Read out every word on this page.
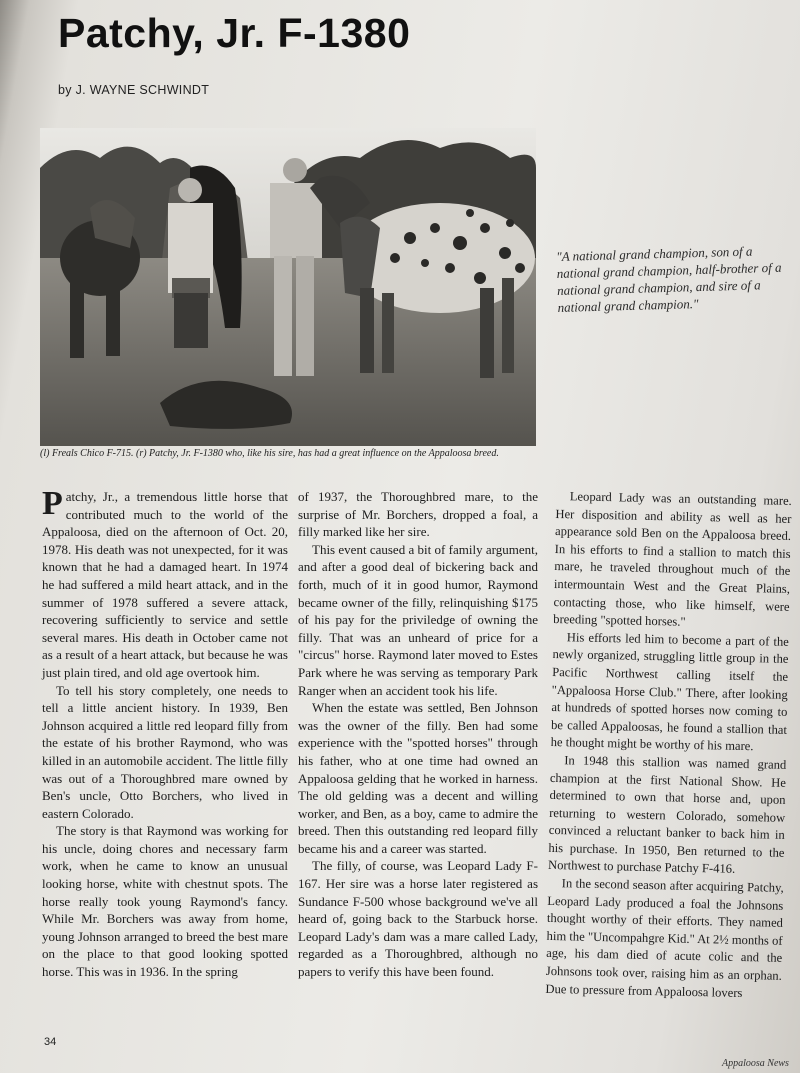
Patchy, Jr. F-1380
by J. WAYNE SCHWINDT
(l) Freals Chico F-715. (r) Patchy, Jr. F-1380 who, like his sire, has had a great influence on the Appaloosa breed.
"A national grand champion, son of a national grand champion, half-brother of a national grand champion, and sire of a national grand champion."

Patchy, Jr., a tremendous little horse that contributed much to the world of the Appaloosa, died on the afternoon of Oct. 20, 1978. His death was not unexpected, for it was known that he had a damaged heart. In 1974 he had suffered a mild heart attack, and in the summer of 1978 suffered a severe attack, recovering sufficiently to service and settle several mares. His death in October came not as a result of a heart attack, but because he was just plain tired, and old age overtook him.

To tell his story completely, one needs to tell a little ancient history. In 1939, Ben Johnson acquired a little red leopard filly from the estate of his brother Raymond, who was killed in an automobile accident. The little filly was out of a Thoroughbred mare owned by Ben's uncle, Otto Borchers, who lived in eastern Colorado.

The story is that Raymond was working for his uncle, doing chores and necessary farm work, when he came to know an unusual looking horse, white with chestnut spots. The horse really took young Raymond's fancy. While Mr. Borchers was away from home, young Johnson arranged to breed the best mare on the place to that good looking spotted horse. This was in 1936. In the spring

of 1937, the Thoroughbred mare, to the surprise of Mr. Borchers, dropped a foal, a filly marked like her sire.

This event caused a bit of family argument, and after a good deal of bickering back and forth, much of it in good humor, Raymond became owner of the filly, relinquishing $175 of his pay for the priviledge of owning the filly. That was an unheard of price for a "circus" horse. Raymond later moved to Estes Park where he was serving as temporary Park Ranger when an accident took his life.

When the estate was settled, Ben Johnson was the owner of the filly. Ben had some experience with the "spotted horses" through his father, who at one time had owned an Appaloosa gelding that he worked in harness. The old gelding was a decent and willing worker, and Ben, as a boy, came to admire the breed. Then this outstanding red leopard filly became his and a career was started.

The filly, of course, was Leopard Lady F-167. Her sire was a horse later registered as Sundance F-500 whose background we've all heard of, going back to the Starbuck horse. Leopard Lady's dam was a mare called Lady, regarded as a Thoroughbred, although no papers to verify this have been found.

Leopard Lady was an outstanding mare. Her disposition and ability as well as her appearance sold Ben on the Appaloosa breed. In his efforts to find a stallion to match this mare, he traveled throughout much of the intermountain West and the Great Plains, contacting those, who like himself, were breeding "spotted horses."

His efforts led him to become a part of the newly organized, struggling little group in the Pacific Northwest calling itself the "Appaloosa Horse Club." There, after looking at hundreds of spotted horses now coming to be called Appaloosas, he found a stallion that he thought might be worthy of his mare.

In 1948 this stallion was named grand champion at the first National Show. He determined to own that horse and, upon returning to western Colorado, somehow convinced a reluctant banker to back him in his purchase. In 1950, Ben returned to the Northwest to purchase Patchy F-416.

In the second season after acquiring Patchy, Leopard Lady produced a foal the Johnsons thought worthy of their efforts. They named him the "Uncompahgre Kid." At 2½ months of age, his dam died of acute colic and the Johnsons took over, raising him as an orphan. Due to pressure from Appaloosa lovers

34
Appaloosa News
